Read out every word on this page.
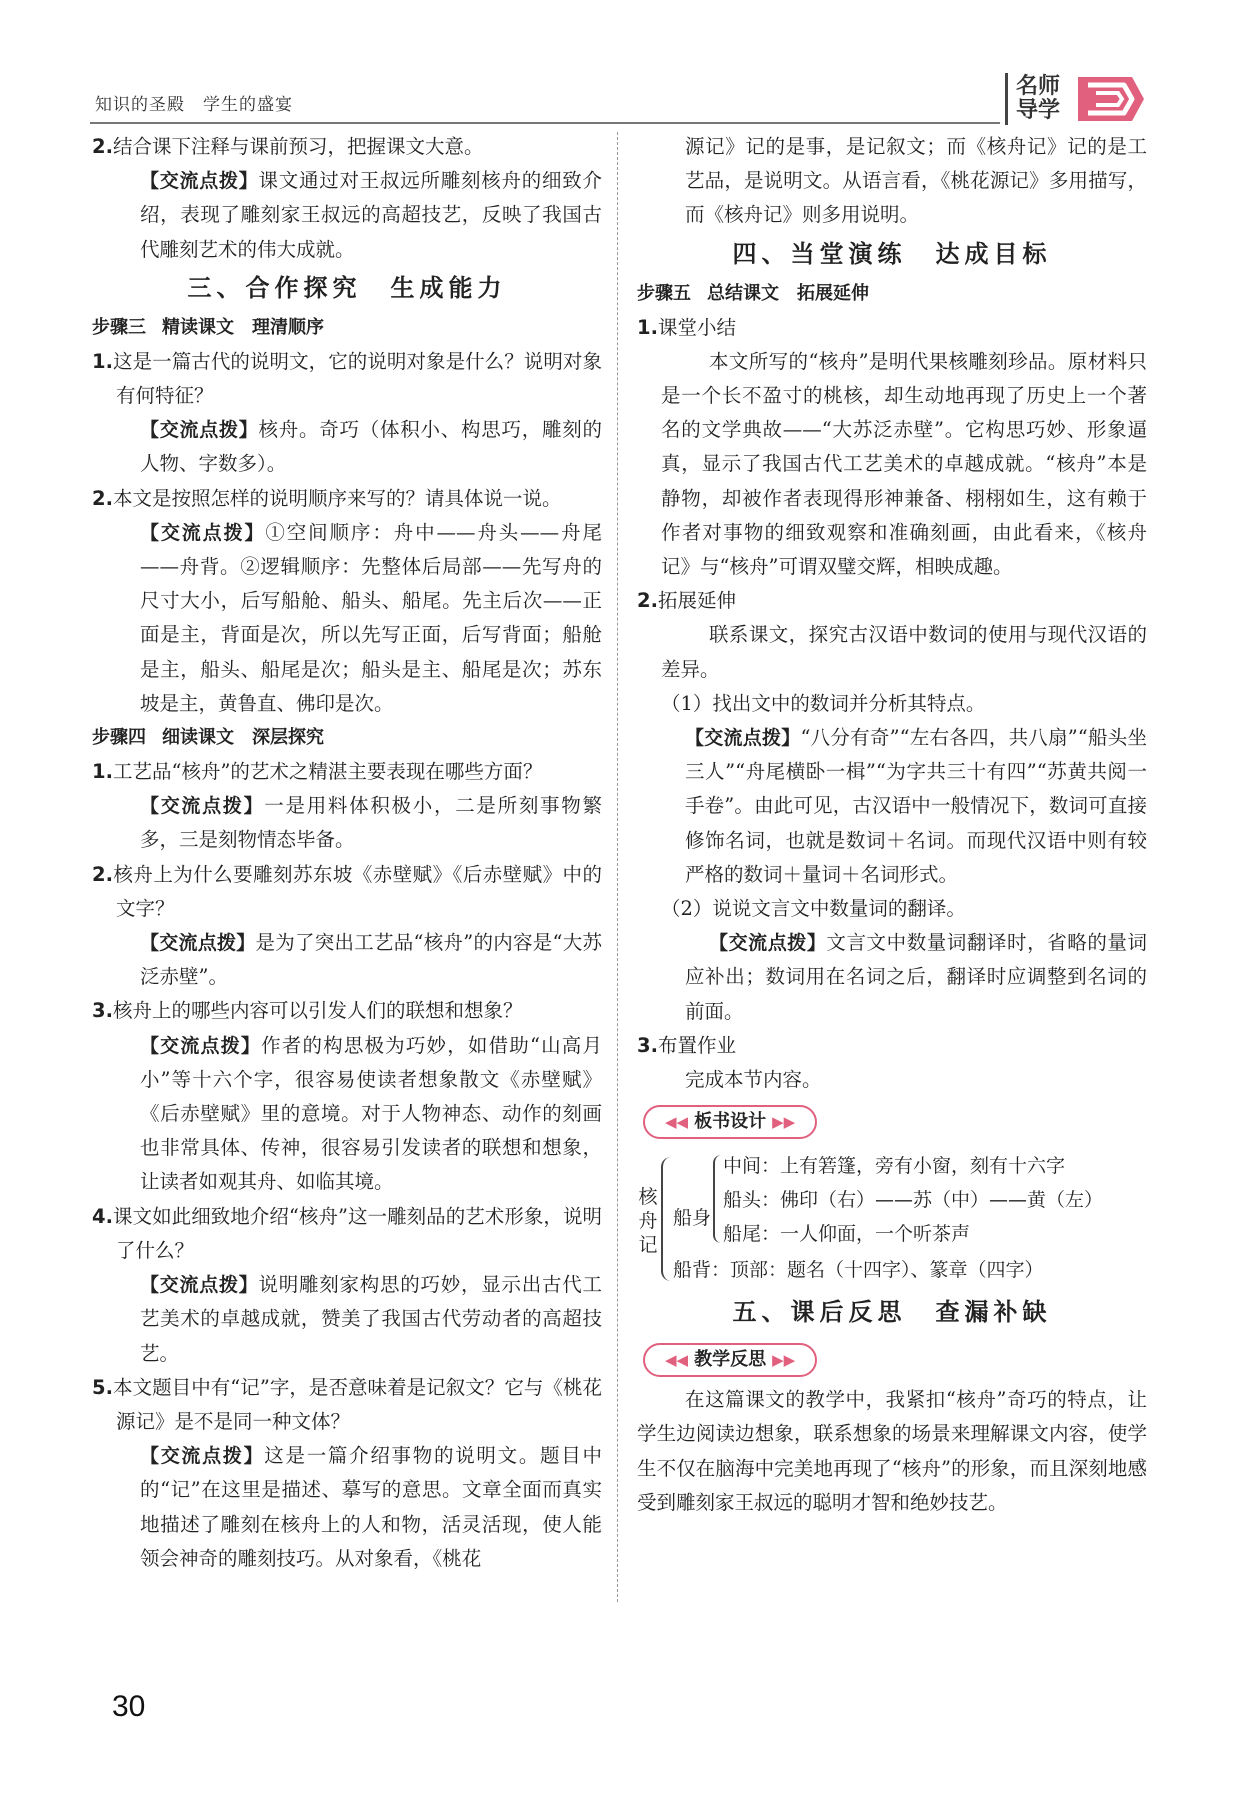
知识的圣殿　学生的盛宴
名师导学

2.结合课下注释与课前预习，把握课文大意。

【交流点拨】课文通过对王叔远所雕刻核舟的细致介绍，表现了雕刻家王叔远的高超技艺，反映了我国古代雕刻艺术的伟大成就。

三、合作探究　生成能力

步骤三 精读课文　理清顺序

1.这是一篇古代的说明文，它的说明对象是什么？说明对象有何特征？

【交流点拨】核舟。奇巧（体积小、构思巧，雕刻的人物、字数多）。

2.本文是按照怎样的说明顺序来写的？请具体说一说。

【交流点拨】①空间顺序：舟中——舟头——舟尾——舟背。②逻辑顺序：先整体后局部——先写舟的尺寸大小，后写船舱、船头、船尾。先主后次——正面是主，背面是次，所以先写正面，后写背面；船舱是主，船头、船尾是次；船头是主、船尾是次；苏东坡是主，黄鲁直、佛印是次。

步骤四 细读课文　深层探究

1.工艺品“核舟”的艺术之精湛主要表现在哪些方面？

【交流点拨】一是用料体积极小，二是所刻事物繁多，三是刻物情态毕备。

2.核舟上为什么要雕刻苏东坡《赤壁赋》《后赤壁赋》中的文字？

【交流点拨】是为了突出工艺品“核舟”的内容是“大苏泛赤壁”。

3.核舟上的哪些内容可以引发人们的联想和想象？

【交流点拨】作者的构思极为巧妙，如借助“山高月小”等十六个字，很容易使读者想象散文《赤壁赋》《后赤壁赋》里的意境。对于人物神态、动作的刻画也非常具体、传神，很容易引发读者的联想和想象，让读者如观其舟、如临其境。

4.课文如此细致地介绍“核舟”这一雕刻品的艺术形象，说明了什么？

【交流点拨】说明雕刻家构思的巧妙，显示出古代工艺美术的卓越成就，赞美了我国古代劳动者的高超技艺。

5.本文题目中有“记”字，是否意味着是记叙文？它与《桃花源记》是不是同一种文体？

【交流点拨】这是一篇介绍事物的说明文。题目中的“记”在这里是描述、摹写的意思。文章全面而真实地描述了雕刻在核舟上的人和物，活灵活现，使人能领会神奇的雕刻技巧。从对象看，《桃花

源记》记的是事，是记叙文；而《核舟记》记的是工艺品，是说明文。从语言看，《桃花源记》多用描写，而《核舟记》则多用说明。

四、当堂演练　达成目标

步骤五 总结课文　拓展延伸

1.课堂小结

本文所写的“核舟”是明代果核雕刻珍品。原材料只是一个长不盈寸的桃核，却生动地再现了历史上一个著名的文学典故——“大苏泛赤壁”。它构思巧妙、形象逼真，显示了我国古代工艺美术的卓越成就。“核舟”本是静物，却被作者表现得形神兼备、栩栩如生，这有赖于作者对事物的细致观察和准确刻画，由此看来，《核舟记》与“核舟”可谓双璧交辉，相映成趣。

2.拓展延伸

联系课文，探究古汉语中数词的使用与现代汉语的差异。

（1）找出文中的数词并分析其特点。

【交流点拨】“八分有奇”“左右各四，共八扇”“船头坐三人”“舟尾横卧一楫”“为字共三十有四”“苏黄共阅一手卷”。由此可见，古汉语中一般情况下，数词可直接修饰名词，也就是数词＋名词。而现代汉语中则有较严格的数词＋量词＋名词形式。

（2）说说文言文中数量词的翻译。

【交流点拨】文言文中数量词翻译时，省略的量词应补出；数词用在名词之后，翻译时应调整到名词的前面。

3.布置作业

完成本节内容。

◀◀ 板书设计 ▶▶
核舟记
船身
中间：上有箬篷，旁有小窗，刻有十六字
船头：佛印（右）——苏（中）——黄（左）
船尾：一人仰面，一个听茶声
船背：顶部：题名（十四字）、篆章（四字）
五、课后反思　查漏补缺
◀◀ 教学反思 ▶▶

在这篇课文的教学中，我紧扣“核舟”奇巧的特点，让学生边阅读边想象，联系想象的场景来理解课文内容，使学生不仅在脑海中完美地再现了“核舟”的形象，而且深刻地感受到雕刻家王叔远的聪明才智和绝妙技艺。

30
